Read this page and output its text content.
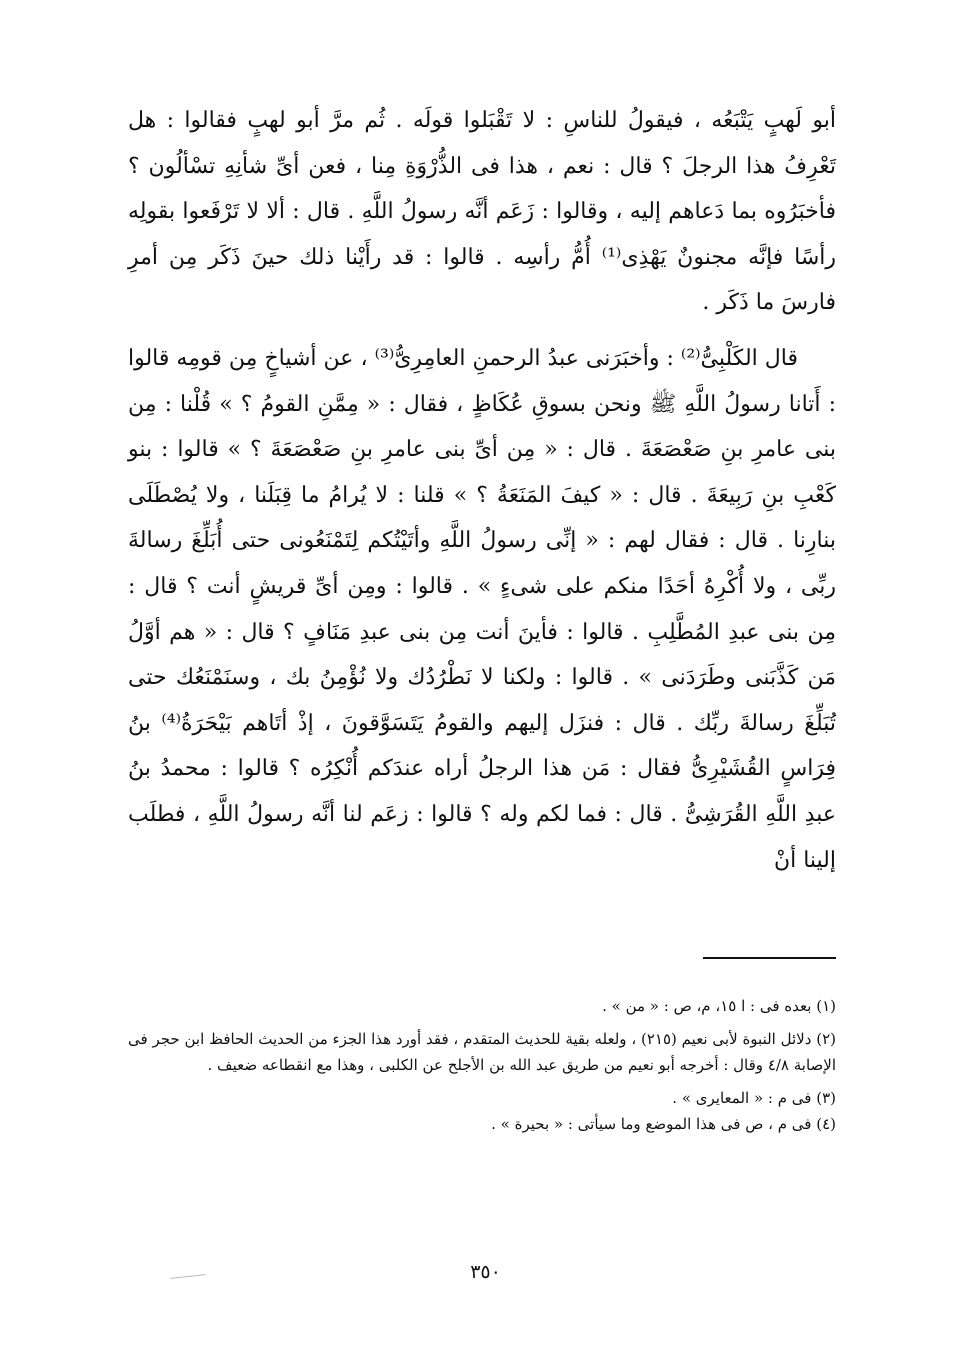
أبو لَهبٍ يَتْبَعُه ، فيقولُ للناسِ : لا تَقْبَلوا قولَه . ثُم مرَّ أبو لهبٍ فقالوا : هل تَعْرِفُ هذا الرجلَ ؟ قال : نعم ، هذا فى الذُّرْوَةِ مِنا ، فعن أىِّ شأنِهِ تسْألُون ؟ فأخبَرُوه بما دَعاهم إليه ، وقالوا : زَعَم أنَّه رسولُ اللَّهِ . قال : ألا لا تَرْفَعوا بقولِه رأسًا فإنَّه مجنونٌ يَهْذِى⁽¹⁾ أُمُّ رأسِه . قالوا : قد رأَيْنا ذلك حينَ ذَكَر مِن أمرِ فارسَ ما ذَكَر .

قال الكَلْبِىُّ⁽²⁾ : وأخبَرَنى عبدُ الرحمنِ العامِرِىُّ⁽³⁾ ، عن أشياخٍ مِن قومِه قالوا : أَتانا رسولُ اللَّهِ ﷺ ونحن بسوقِ عُكَاظٍ ، فقال : « مِمَّنِ القومُ ؟ » قُلْنا : مِن بنى عامرِ بنِ صَعْصَعَةَ . قال : « مِن أىِّ بنى عامرِ بنِ صَعْصَعَةَ ؟ » قالوا : بنو كَعْبِ بنِ رَبِيعَةَ . قال : « كيفَ المَنَعَةُ ؟ » قلنا : لا يُرامُ ما قِبَلَنا ، ولا يُصْطَلَى بنارِنا . قال : فقال لهم : « إنِّى رسولُ اللَّهِ وأتَيْتُكم لِتَمْنَعُونى حتى أُبَلِّغَ رسالةَ ربِّى ، ولا أُكْرِهُ أحَدًا منكم على شىءٍ » . قالوا : ومِن أىِّ قريشٍ أنت ؟ قال : مِن بنى عبدِ المُطَّلِبِ . قالوا : فأينَ أنت مِن بنى عبدِ مَنَافٍ ؟ قال : « هم أوَّلُ مَن كَذَّبَنى وطَرَدَنى » . قالوا : ولكنا لا نَطْرُدُك ولا نُؤْمِنُ بك ، وسنَمْنَعُك حتى تُبَلِّغَ رسالةَ ربِّك . قال : فنزَل إليهم والقومُ يَتَسَوَّقونَ ، إذْ أتَاهم بَيْحَرَةُ⁽⁴⁾ بنُ فِرَاسٍ القُشَيْرِىُّ فقال : مَن هذا الرجلُ أراه عندَكم أُنْكِرُه ؟ قالوا : محمدُ بنُ عبدِ اللَّهِ القُرَشِىُّ . قال : فما لكم وله ؟ قالوا : زعَم لنا أنَّه رسولُ اللَّهِ ، فطلَب إلينا أنْ

(١) بعده فى : ا ١٥، م، ص : « من » .

(٢) دلائل النبوة لأبى نعيم (٢١٥) ، ولعله بقية للحديث المتقدم ، فقد أورد هذا الجزء من الحديث الحافظ ابن حجر فى الإصابة ٤/٨ وقال : أخرجه أبو نعيم من طريق عبد الله بن الأجلح عن الكلبى ، وهذا مع انقطاعه ضعيف .

(٣) فى م : « المعايرى » .

(٤) فى م ، ص فى هذا الموضع وما سيأتى : « بحيرة » .

٣٥٠
